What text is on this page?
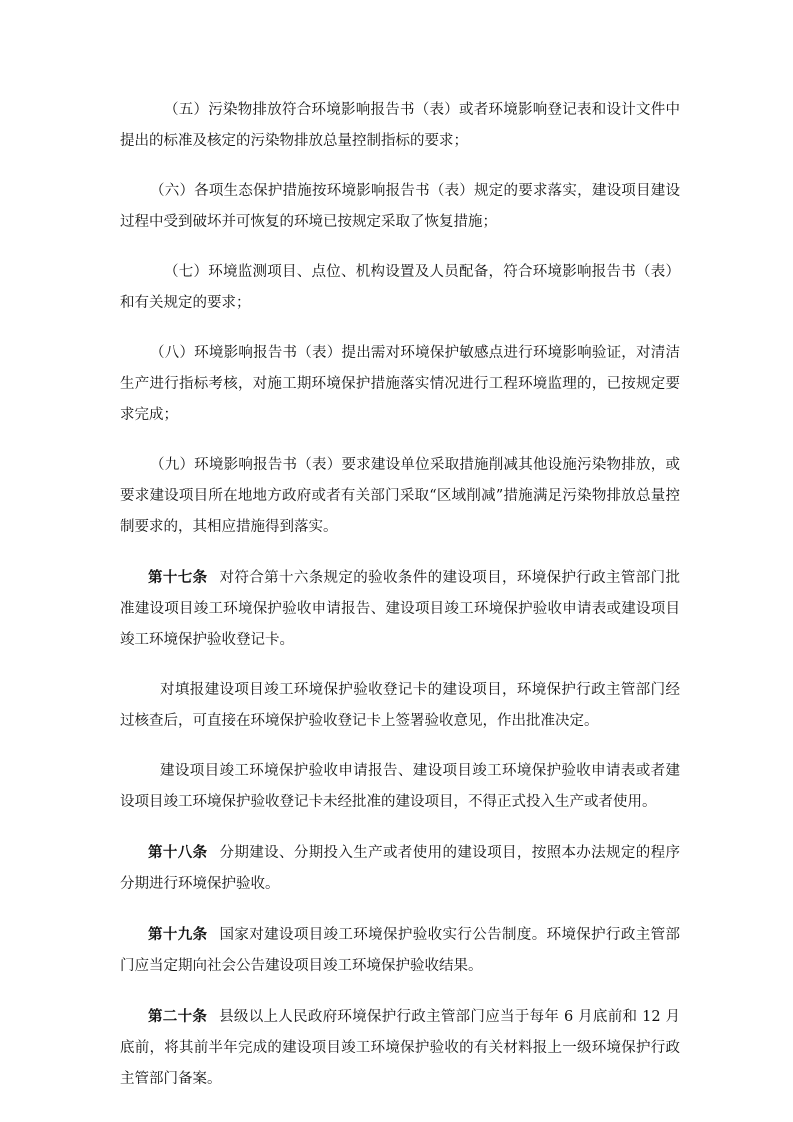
（五）污染物排放符合环境影响报告书（表）或者环境影响登记表和设计文件中提出的标准及核定的污染物排放总量控制指标的要求；

（六）各项生态保护措施按环境影响报告书（表）规定的要求落实，建设项目建设过程中受到破坏并可恢复的环境已按规定采取了恢复措施；

（七）环境监测项目、点位、机构设置及人员配备，符合环境影响报告书（表）和有关规定的要求；

（八）环境影响报告书（表）提出需对环境保护敏感点进行环境影响验证，对清洁生产进行指标考核，对施工期环境保护措施落实情况进行工程环境监理的，已按规定要求完成；

（九）环境影响报告书（表）要求建设单位采取措施削减其他设施污染物排放，或要求建设项目所在地地方政府或者有关部门采取“区域削减”措施满足污染物排放总量控制要求的，其相应措施得到落实。

第十七条 对符合第十六条规定的验收条件的建设项目，环境保护行政主管部门批准建设项目竣工环境保护验收申请报告、建设项目竣工环境保护验收申请表或建设项目竣工环境保护验收登记卡。

对填报建设项目竣工环境保护验收登记卡的建设项目，环境保护行政主管部门经过核查后，可直接在环境保护验收登记卡上签署验收意见，作出批准决定。

建设项目竣工环境保护验收申请报告、建设项目竣工环境保护验收申请表或者建设项目竣工环境保护验收登记卡未经批准的建设项目，不得正式投入生产或者使用。

第十八条 分期建设、分期投入生产或者使用的建设项目，按照本办法规定的程序分期进行环境保护验收。

第十九条 国家对建设项目竣工环境保护验收实行公告制度。环境保护行政主管部门应当定期向社会公告建设项目竣工环境保护验收结果。

第二十条 县级以上人民政府环境保护行政主管部门应当于每年 6 月底前和 12 月底前，将其前半年完成的建设项目竣工环境保护验收的有关材料报上一级环境保护行政主管部门备案。
